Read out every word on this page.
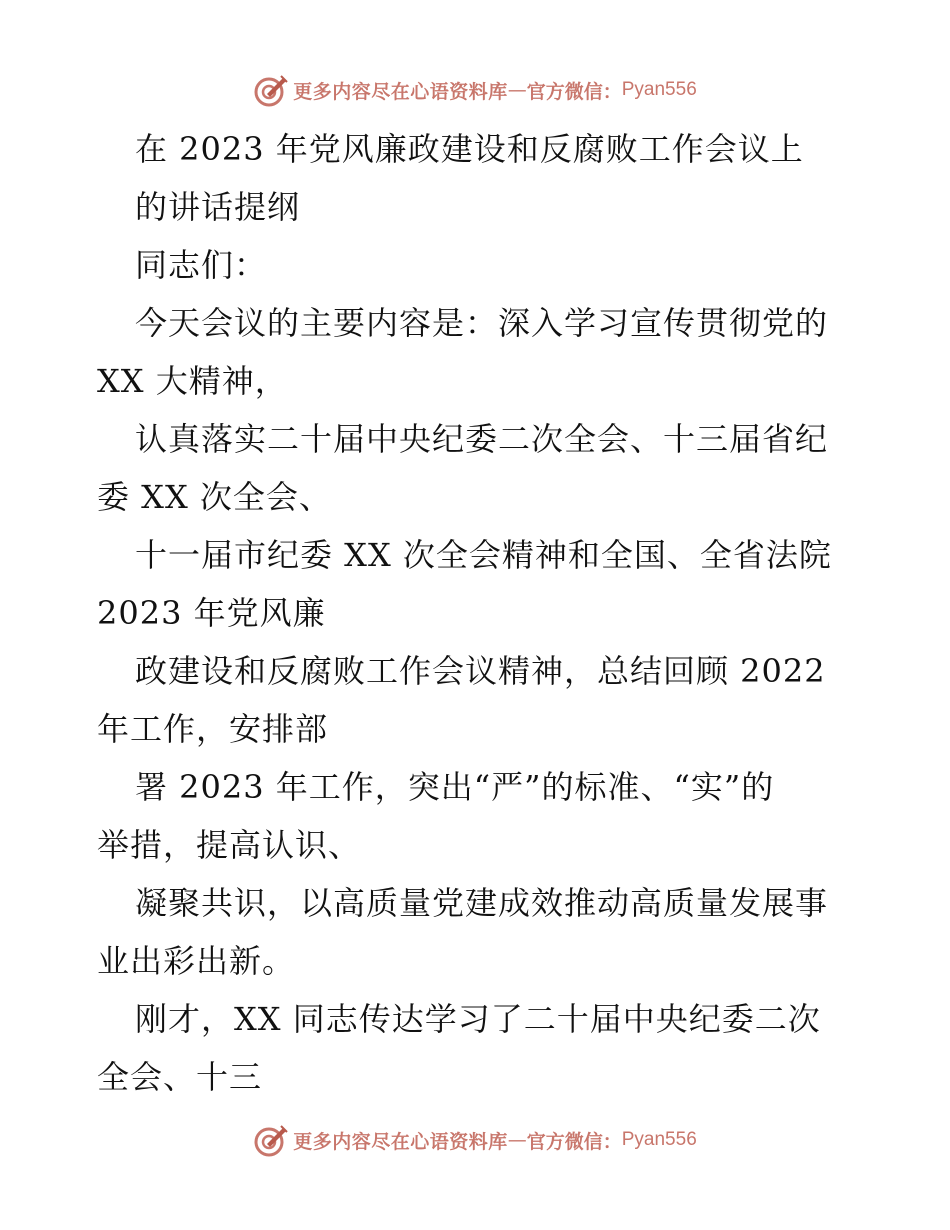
更多内容尽在心语资料库 — 官方微信： Pyan556
在 2023 年党风廉政建设和反腐败工作会议上
的讲话提纲
同志们：
今天会议的主要内容是：深入学习宣传贯彻党的
XX 大精神，
认真落实二十届中央纪委二次全会、十三届省纪
委 XX 次全会、
十一届市纪委 XX 次全会精神和全国、全省法院
2023 年党风廉
政建设和反腐败工作会议精神，总结回顾 2022
年工作，安排部
署 2023 年工作，突出“严”的标准、“实”的
举措，提高认识、
凝聚共识，以高质量党建成效推动高质量发展事
业出彩出新。
刚才，XX 同志传达学习了二十届中央纪委二次
全会、十三
更多内容尽在心语资料库 — 官方微信： Pyan556
